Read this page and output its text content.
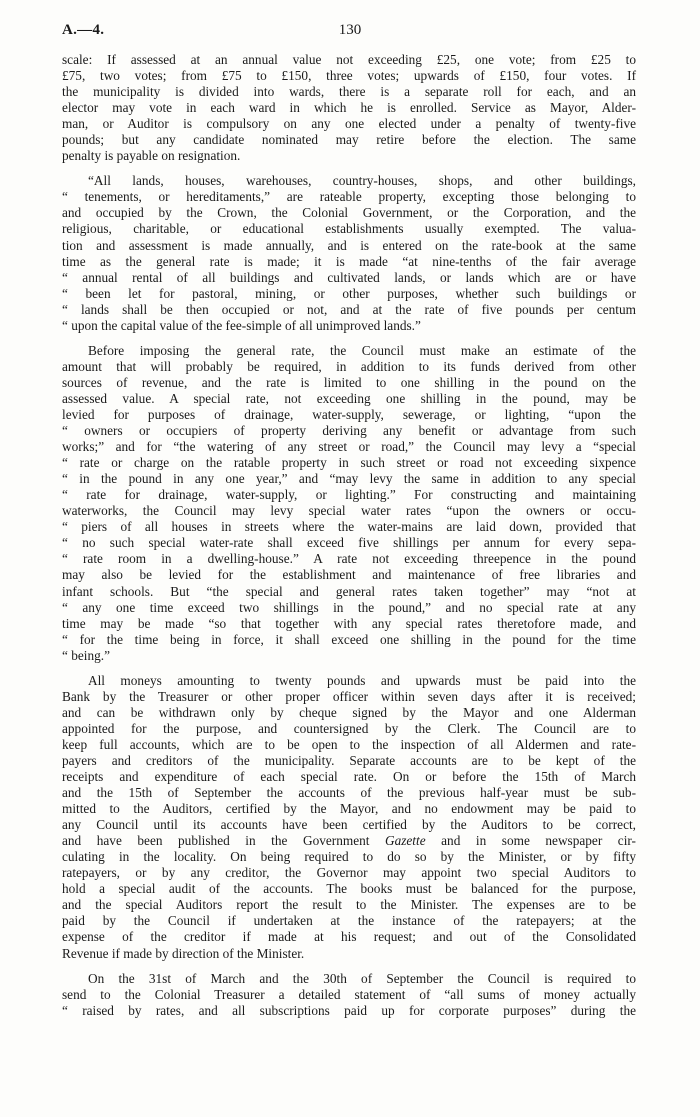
A.—4.	130
scale: If assessed at an annual value not exceeding £25, one vote; from £25 to
£75, two votes; from £75 to £150, three votes; upwards of £150, four votes. If
the municipality is divided into wards, there is a separate roll for each, and an
elector may vote in each ward in which he is enrolled. Service as Mayor, Alder-
man, or Auditor is compulsory on any one elected under a penalty of twenty-five
pounds; but any candidate nominated may retire before the election. The same
penalty is payable on resignation.
“All lands, houses, warehouses, country-houses, shops, and other buildings,
“ tenements, or hereditaments,” are rateable property, excepting those belonging to
and occupied by the Crown, the Colonial Government, or the Corporation, and the
religious, charitable, or educational establishments usually exempted. The valua-
tion and assessment is made annually, and is entered on the rate-book at the same
time as the general rate is made; it is made “at nine-tenths of the fair average
“ annual rental of all buildings and cultivated lands, or lands which are or have
“ been let for pastoral, mining, or other purposes, whether such buildings or
“ lands shall be then occupied or not, and at the rate of five pounds per centum
“ upon the capital value of the fee-simple of all unimproved lands.”
Before imposing the general rate, the Council must make an estimate of the
amount that will probably be required, in addition to its funds derived from other
sources of revenue, and the rate is limited to one shilling in the pound on the
assessed value. A special rate, not exceeding one shilling in the pound, may be
levied for purposes of drainage, water-supply, sewerage, or lighting, “upon the
“ owners or occupiers of property deriving any benefit or advantage from such
works;” and for “the watering of any street or road,” the Council may levy a “special
“ rate or charge on the ratable property in such street or road not exceeding sixpence
“ in the pound in any one year,” and “may levy the same in addition to any special
“ rate for drainage, water-supply, or lighting.” For constructing and maintaining
waterworks, the Council may levy special water rates “upon the owners or occu-
“ piers of all houses in streets where the water-mains are laid down, provided that
“ no such special water-rate shall exceed five shillings per annum for every sepa-
“ rate room in a dwelling-house.” A rate not exceeding threepence in the pound
may also be levied for the establishment and maintenance of free libraries and
infant schools. But “the special and general rates taken together” may “not at
“ any one time exceed two shillings in the pound,” and no special rate at any
time may be made “so that together with any special rates theretofore made, and
“ for the time being in force, it shall exceed one shilling in the pound for the time
“ being.”
All moneys amounting to twenty pounds and upwards must be paid into the
Bank by the Treasurer or other proper officer within seven days after it is received;
and can be withdrawn only by cheque signed by the Mayor and one Alderman
appointed for the purpose, and countersigned by the Clerk. The Council are to
keep full accounts, which are to be open to the inspection of all Aldermen and rate-
payers and creditors of the municipality. Separate accounts are to be kept of the
receipts and expenditure of each special rate. On or before the 15th of March
and the 15th of September the accounts of the previous half-year must be sub-
mitted to the Auditors, certified by the Mayor, and no endowment may be paid to
any Council until its accounts have been certified by the Auditors to be correct,
and have been published in the Government Gazette and in some newspaper cir-
culating in the locality. On being required to do so by the Minister, or by fifty
ratepayers, or by any creditor, the Governor may appoint two special Auditors to
hold a special audit of the accounts. The books must be balanced for the purpose,
and the special Auditors report the result to the Minister. The expenses are to be
paid by the Council if undertaken at the instance of the ratepayers; at the
expense of the creditor if made at his request; and out of the Consolidated
Revenue if made by direction of the Minister.
On the 31st of March and the 30th of September the Council is required to
send to the Colonial Treasurer a detailed statement of “all sums of money actually
“ raised by rates, and all subscriptions paid up for corporate purposes” during the
